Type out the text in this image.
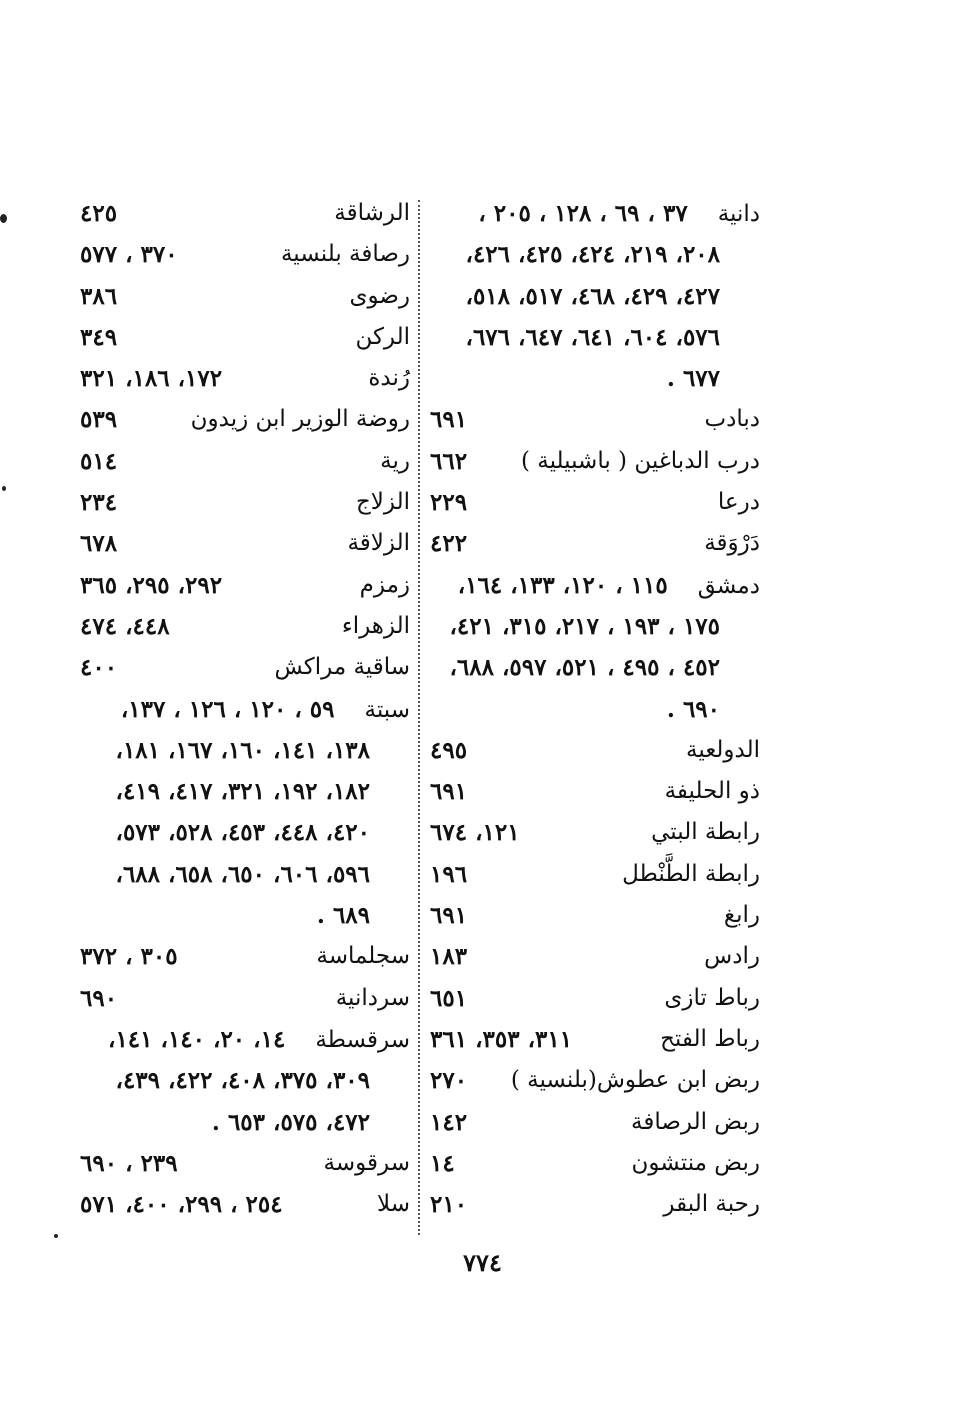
دانية٣٧ ، ٦٩ ، ١٢٨ ، ٢٠٥ ،
٢٠٨، ٢١٩، ٤٢٤، ٤٢٥، ٤٢٦،
٤٢٧، ٤٢٩، ٤٦٨، ٥١٧، ٥١٨،
٥٧٦، ٦٠٤، ٦٤١، ٦٤٧، ٦٧٦،
٦٧٧ .
دبادب
٦٩١
درب الدباغين ( باشبيلية )
٦٦٢
درعا
٢٢٩
دَرْوَقة
٤٢٢
دمشق١١٥ ، ١٢٠، ١٣٣، ١٦٤،
١٧٥ ، ١٩٣ ، ٢١٧، ٣١٥، ٤٢١،
٤٥٢ ، ٤٩٥ ، ٥٢١، ٥٩٧، ٦٨٨،
٦٩٠ .
الدولعية
٤٩٥
ذو الحليفة
٦٩١
رابطة البتي
١٢١، ٦٧٤
رابطة الطَّنْطل
١٩٦
رابغ
٦٩١
رادس
١٨٣
رباط تازى
٦٥١
رباط الفتح
٣١١، ٣٥٣، ٣٦١
ربض ابن عطوش(بلنسية )
٢٧٠
ربض الرصافة
١٤٢
ربض منتشون
١٤
رحبة البقر
٢١٠
الرشاقة
٤٢٥
رصافة بلنسية
٣٧٠ ، ٥٧٧
رضوى
٣٨٦
الركن
٣٤٩
رُندة
١٧٢، ١٨٦، ٣٢١
روضة الوزير ابن زيدون
٥٣٩
رية
٥١٤
الزلاج
٢٣٤
الزلاقة
٦٧٨
زمزم
٢٩٢، ٢٩٥، ٣٦٥
الزهراء
٤٤٨، ٤٧٤
ساقية مراكش
٤٠٠
سبتة٥٩ ، ١٢٠ ، ١٢٦ ، ١٣٧،
١٣٨، ١٤١، ١٦٠، ١٦٧، ١٨١،
١٨٢، ١٩٢، ٣٢١، ٤١٧، ٤١٩،
٤٢٠، ٤٤٨، ٤٥٣، ٥٢٨، ٥٧٣،
٥٩٦، ٦٠٦، ٦٥٠، ٦٥٨، ٦٨٨،
٦٨٩ .
سجلماسة
٣٠٥ ، ٣٧٢
سردانية
٦٩٠
سرقسطة١٤، ٢٠، ١٤٠، ١٤١،
٣٠٩، ٣٧٥، ٤٠٨، ٤٢٢، ٤٣٩،
٤٧٢، ٥٧٥، ٦٥٣ .
سرقوسة
٢٣٩ ، ٦٩٠
سلا
٢٥٤ ، ٢٩٩، ٤٠٠، ٥٧١
٧٧٤
